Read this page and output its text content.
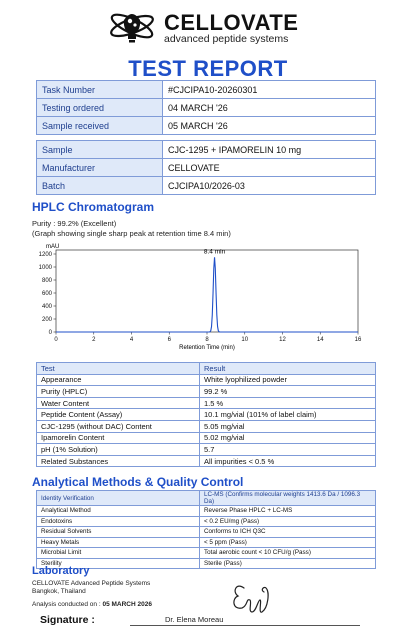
CELLOVATE
advanced peptide systems
TEST REPORT
Task Number	#CJCIPA10-20260301
Testing ordered	04 MARCH '26
Sample received	05 MARCH '26
Sample	CJC-1295 + IPAMORELIN 10 mg
Manufacturer	CELLOVATE
Batch	CJCIPA10/2026-03
HPLC Chromatogram
Purity : 99.2% (Excellent)
(Graph showing single sharp peak at retention time 8.4 min)
0
200
400
600
800
1000
1200
0	2	4	6	8	10	12	14	16
mAU
Retention Time (min)
8.4 min
Test	Result
Appearance	White lyophilized powder
Purity (HPLC)	99.2 %
Water Content	1.5 %
Peptide Content (Assay)	10.1 mg/vial (101% of label claim)
CJC-1295 (without DAC) Content	5.05 mg/vial
Ipamorelin Content	5.02 mg/vial
pH (1% Solution)	5.7
Related Substances	All impurities < 0.5 %
Analytical Methods & Quality Control
Identity Verification	LC-MS (Confirms molecular weights 1413.6 Da / 1096.3 Da)
Analytical Method	Reverse Phase HPLC + LC-MS
Endotoxins	< 0.2 EU/mg (Pass)
Residual Solvents	Conforms to ICH Q3C
Heavy Metals	< 5 ppm (Pass)
Microbial Limit	Total aerobic count < 10 CFU/g (Pass)
Sterility	Sterile (Pass)
Laboratory
CELLOVATE Advanced Peptide Systems
Bangkok, Thailand
Analysis conducted on : 05 MARCH 2026
Signature :	Dr. Elena Moreau
